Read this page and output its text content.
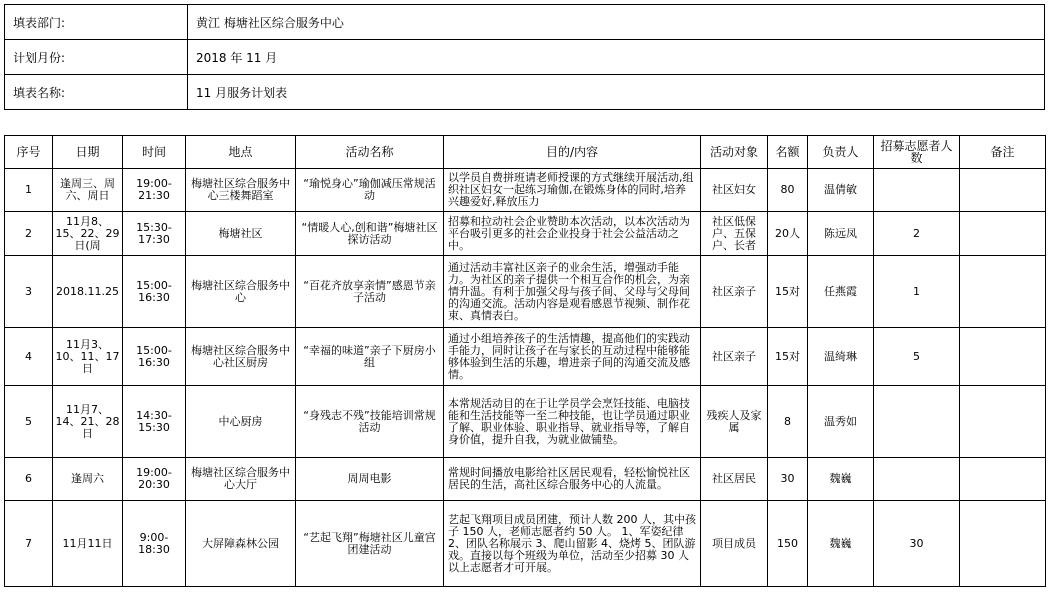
填表部门:	黄江 梅塘社区综合服务中心
计划月份:	2018 年 11 月
填表名称:	11 月服务计划表
序号	日期	时间	地点	活动名称	目的/内容	活动对象	名额	负责人	招募志愿者人数	备注
1	逢周三、周六、周日	19:00-21:30	梅塘社区综合服务中心三楼舞蹈室	“瑜悦身心”瑜伽减压常规活动	以学员自费拼班请老师授课的方式继续开展活动,组织社区妇女一起练习瑜伽,在锻炼身体的同时,培养兴趣爱好,释放压力	社区妇女	80	温倩敏		
2	11月8、15、22、29日(周	15:30-17:30	梅塘社区	“情暖人心,创和谐”梅塘社区探访活动	招募和拉动社会企业赞助本次活动，以本次活动为平台吸引更多的社会企业投身于社会公益活动之中。	社区低保户、五保户、长者	20人	陈远凤	2	
3	2018.11.25	15:00-16:30	梅塘社区综合服务中心	“百花齐放享亲情”感恩节亲子活动	通过活动丰富社区亲子的业余生活，增强动手能力。为社区的亲子提供一个相互合作的机会，为亲情升温。有利于加强父母与孩子间、父母与父母间的沟通交流。活动内容是观看感恩节视频、制作花束、真情表白。	社区亲子	15对	任燕霞	1	
4	11月3、10、11、17日	15:00-16:30	梅塘社区综合服务中心社区厨房	“幸福的味道”亲子下厨房小组	通过小组培养孩子的生活情趣，提高他们的实践动手能力，同时让孩子在与家长的互动过程中能够能够体验到生活的乐趣，增进亲子间的沟通交流及感情。	社区亲子	15对	温绮琳	5	
5	11月7、14、21、28日	14:30-15:30	中心厨房	“身残志不残”技能培训常规活动	本常规活动目的在于让学员学会烹饪技能、电脑技能和生活技能等一至二种技能，也让学员通过职业了解、职业体验、职业指导、就业指导等，了解自身价值，提升自我，为就业做铺垫。	残疾人及家属	8	温秀如		
6	逢周六	19:00-20:30	梅塘社区综合服务中心大厅	周周电影	常规时间播放电影给社区居民观看，轻松愉悦社区居民的生活，高社区综合服务中心的人流量。	社区居民	30	魏巍		
7	11月11日	9:00-18:30	大屏障森林公园	“艺起飞翔”梅塘社区儿童宫团建活动	艺起飞翔项目成员团建，预计人数 200 人，其中孩子 150 人，老师志愿者约 50 人。 1、军姿纪律 2、团队名称展示 3、爬山留影 4、烧烤 5、团队游戏。直接以每个班级为单位，活动至少招募 30 人以上志愿者才可开展。	项目成员	150	魏巍	30	
